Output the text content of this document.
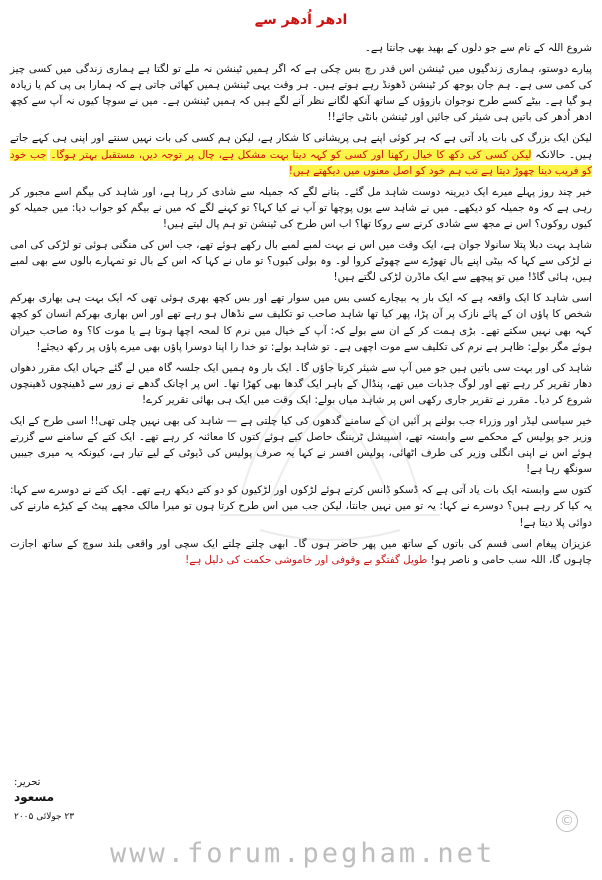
ادھر اُدھر سے

شروع اللہ کے نام سے جو دلوں کے بھید بھی جانتا ہے۔

پیارے دوستو، ہماری زندگیوں میں ٹینشن اس قدر رچ بس چکی ہے کہ اگر ہمیں ٹینشن نہ ملے تو لگتا ہے ہماری زندگی میں کسی چیز کی کمی سی ہے۔ ہم جان بوجھ کر ٹینشن ڈھونڈ رہے ہوتے ہیں۔ ہر وقت یہی ٹینشن ہمیں کھائی جاتی ہے کہ ہمارا بی پی کم یا زیادہ ہو گیا ہے۔ بیٹے کسے طرح نوجوان بازوؤں کے ساتھ آنکھ لگانے نظر آنے لگے ہیں کہ ہمیں ٹینشن ہے۔ میں نے سوچا کیوں نہ آپ سے کچھ ادھر اُدھر کی باتیں ہی شیئر کی جائیں اور ٹینشن بانٹی جائے!!

لیکن ایک بزرگ کی بات یاد آتی ہے کہ ہر کوئی اپنے ہی پریشانی کا شکار ہے، لیکن ہم کسی کی بات نہیں سنتے اور اپنی ہی کہے جاتے ہیں۔ حالانکہ لیکن کسی کی دکھ کا خیال رکھنا اور کسی کو کہہ دینا بہت مشکل ہے، چال پر توجہ دیں، مستقبل بہتر ہوگا۔ جب خود کو فریب دینا چھوڑ دیتا ہے تب ہم خود کو اصل معنوں میں دیکھتے ہیں!

خیر چند روز پہلے میرے ایک دیرینہ دوست شاہد مل گئے۔ بتانے لگے کہ جمیلہ سے شادی کر رہا ہے، اور شاہد کی بیگم اسے مجبور کر رہی ہے کہ وہ جمیلہ کو دیکھے۔ میں نے شاہد سے یوں پوچھا تو آپ نے کیا کہا؟ تو کہنے لگے کہ میں نے بیگم کو جواب دیا: میں جمیلہ کو کیوں روکوں؟ اس نے مجھ سے شادی کرنے سے روکا تھا؟ اب اس طرح کی ٹینشن تو ہم پال لیتے ہیں!

شاہد بہت دبلا پتلا سانولا جوان ہے، ایک وقت میں اس نے بہت لمبے لمبے بال رکھے ہوئے تھے، جب اس کی منگنی ہوئی تو لڑکی کی امی نے لڑکی سے کہا کہ بیٹی اپنے بال تھوڑے سے چھوٹے کروا لو۔ وہ بولی کیوں؟ تو ماں نے کہا کہ اس کے بال تو تمہارے بالوں سے بھی لمبے ہیں، ہائی گاڈ! میں تو پیچھے سے ایک ماڈرن لڑکی لگتے ہیں!

اسی شاہد کا ایک واقعہ ہے کہ ایک بار یہ بیچارے کسی بس میں سوار تھے اور بس کچھ بھری ہوئی تھی کہ ایک بہت ہی بھاری بھرکم شخص کا پاؤں ان کے پائے نازک پر آن پڑا، پھر کیا تھا شاہد صاحب تو تکلیف سے نڈھال ہو رہے تھے اور اس بھاری بھرکم انسان کو کچھ کہہ بھی نہیں سکتے تھے۔ بڑی ہمت کر کے ان سے بولے کہ: آپ کے خیال میں نرم کا لمحہ اچھا ہوتا ہے یا موت کا؟ وہ صاحب حیران ہوئے مگر بولے: ظاہر ہے نرم کی تکلیف سے موت اچھی ہے۔ تو شاہد بولے: تو خدا را اپنا دوسرا پاؤں بھی میرے پاؤں پر رکھ دیجئے!

شاہد کی اور بہت سی باتیں ہیں جو میں آپ سے شیئر کرتا جاؤں گا۔ ایک بار وہ ہمیں ایک جلسہ گاہ میں لے گئے جہاں ایک مقرر دھواں دھار تقریر کر رہے تھے اور لوگ جذبات میں تھے، پنڈال کے باہر ایک گدھا بھی کھڑا تھا۔ اس پر اچانک گدھے نے زور سے ڈھینچوں ڈھینچوں شروع کر دیا۔ مقرر نے تقریر جاری رکھی اس پر شاہد میاں بولے: ایک وقت میں ایک ہی بھائی تقریر کرے!

خیر سیاسی لیڈر اور وزراء جب بولنے پر آئیں ان کے سامنے گدھوں کی کیا چلتی ہے — شاہد کی بھی نہیں چلی تھی!! اسی طرح کے ایک وزیر جو پولیس کے محکمے سے وابستہ تھے، اسپیشل ٹریننگ حاصل کیے ہوئے کتوں کا معائنہ کر رہے تھے۔ ایک کتے کے سامنے سے گزرتے ہوئے اس نے اپنی انگلی وزیر کی طرف اٹھائی، پولیس افسر نے کہا یہ صرف پولیس کی ڈیوٹی کے لیے تیار ہے، کیونکہ یہ میری جیبیں سونگھ رہا ہے!

کتوں سے وابستہ ایک بات یاد آتی ہے کہ ڈسکو ڈانس کرتے ہوئے لڑکوں اور لڑکیوں کو دو کتے دیکھ رہے تھے۔ ایک کتے نے دوسرے سے کہا: یہ کیا کر رہے ہیں؟ دوسرے نے کہا: یہ تو میں نہیں جانتا، لیکن جب میں اس طرح کرتا ہوں تو میرا مالک مجھے پیٹ کے کیڑے مارنے کی دوائی پلا دیتا ہے!

عزیزان پیغام اسی قسم کی باتوں کے ساتھ میں پھر حاضر ہوں گا۔ ابھی چلتے چلتے ایک سچی اور واقعی بلند سوچ کے ساتھ اجازت چاہوں گا، اللہ سب حامی و ناصر ہو! طویل گفتگو بے وقوفی اور خاموشی حکمت کی دلیل ہے!

تحریر:
مسعود
۲۳ جولائی ۲۰۰۵	©
www.forum.pegham.net
